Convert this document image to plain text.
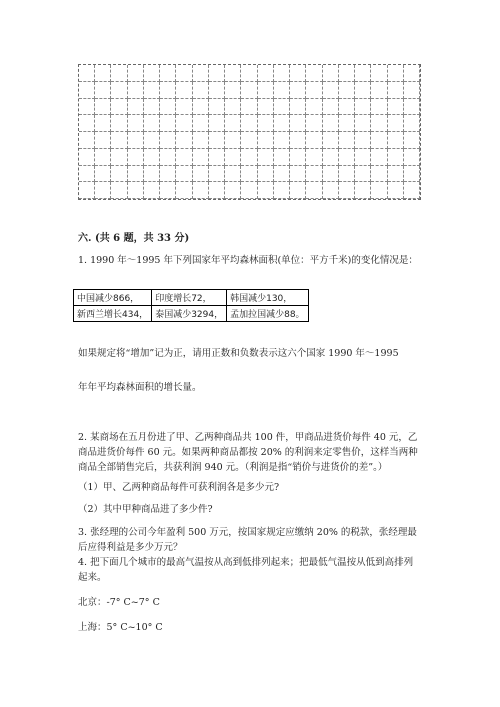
六. (共 6 题，共 33 分)
1. 1990 年～1995 年下列国家年平均森林面积(单位：平方千米)的变化情况是：
中国减少866，	印度增长72，	韩国减少130，
新西兰增长434，	泰国减少3294，	孟加拉国减少88。
如果规定将“增加”记为正，请用正数和负数表示这六个国家 1990 年～1995
年年平均森林面积的增长量。
2. 某商场在五月份进了甲、乙两种商品共 100 件，甲商品进货价每件 40 元，乙商品进货价每件 60 元。如果两种商品都按 20% 的利润来定零售价，这样当两种商品全部销售完后，共获利润 940 元。（利润是指“销价与进货价的差”。）
（1）甲、乙两种商品每件可获利润各是多少元?
（2）其中甲种商品进了多少件?
3. 张经理的公司今年盈利 500 万元，按国家规定应缴纳 20% 的税款，张经理最后应得利益是多少万元？
4. 把下面几个城市的最高气温按从高到低排列起来；把最低气温按从低到高排列起来。
北京：-7° C~7° C
上海：5° C~10° C
